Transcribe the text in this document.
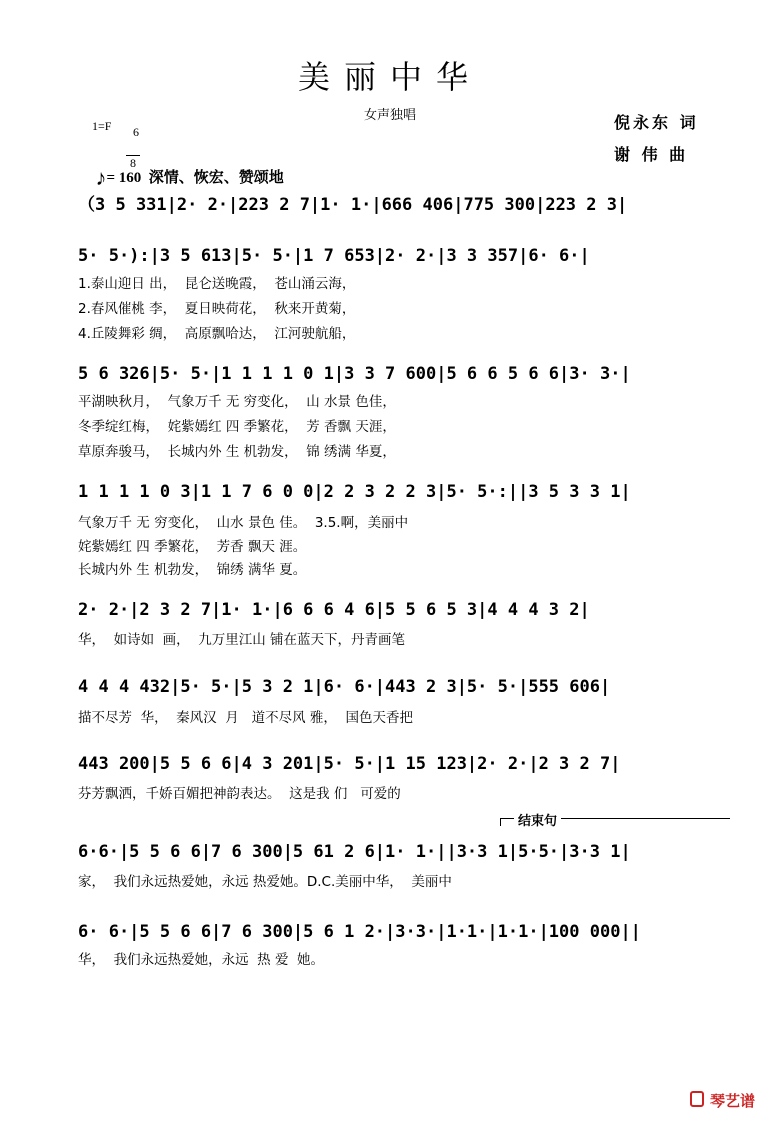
美丽中华
女声独唱
1=F	6

8

♪= 160  深情、恢宏、赞颂地

倪永东 词
谢 伟 曲
（3 5 331|2· 2·|223 2 7|1· 1·|666 406|775 300|223 2 3|
5· 5·):|3 5 613|5· 5·|1 7 653|2· 2·|3 3 357|6· 6·|
1.泰山迎日 出，  昆仑送晚霞，  苍山涌云海，
2.春风催桃 李，  夏日映荷花，  秋来开黄菊，
4.丘陵舞彩 绸，  高原飘哈达，  江河驶航船，
5 6 326|5· 5·|1 1 1 1 0 1|3 3 7 600|5 6 6 5 6 6|3· 3·|
平湖映秋月，  气象万千 无 穷变化，  山 水景 色佳，
冬季绽红梅，  姹紫嫣红 四 季繁花，  芳 香飘 天涯，
草原奔骏马，  长城内外 生 机勃发，  锦 绣满 华夏，
1 1 1 1 0 3|1 1 7 6 0 0|2 2 3 2 2 3|5· 5·:||3 5 3 3 1|
气象万千 无 穷变化，  山水 景色 佳。  3.5.啊，美丽中
姹紫嫣红 四 季繁花，  芳香 飘天 涯。
长城内外 生 机勃发，  锦绣 满华 夏。
2· 2·|2 3 2 7|1· 1·|6 6 6 4 6|5 5 6 5 3|4 4 4 3 2|
华，  如诗如  画，  九万里江山 铺在蓝天下，丹青画笔
4 4 4 432|5· 5·|5 3 2 1|6· 6·|443 2 3|5· 5·|555 606|
描不尽芳  华，  秦风汉  月   道不尽风 雅，  国色天香把
443 200|5 5 6 6|4 3 201|5· 5·|1 15 123|2· 2·|2 3 2 7|
芬芳飘洒，千娇百媚把神韵表达。  这是我 们   可爱的

结束句

6·6·|5 5 6 6|7 6 300|5 61 2 6|1· 1·||3·3 1|5·5·|3·3 1|
家，  我们永远热爱她，永远 热爱她。D.C.美丽中华，  美丽中
6· 6·|5 5 6 6|7 6 300|5 6 1 2·|3·3·|1·1·|1·1·|100 000||
华，  我们永远热爱她，永远  热 爱  她。

琴艺谱
